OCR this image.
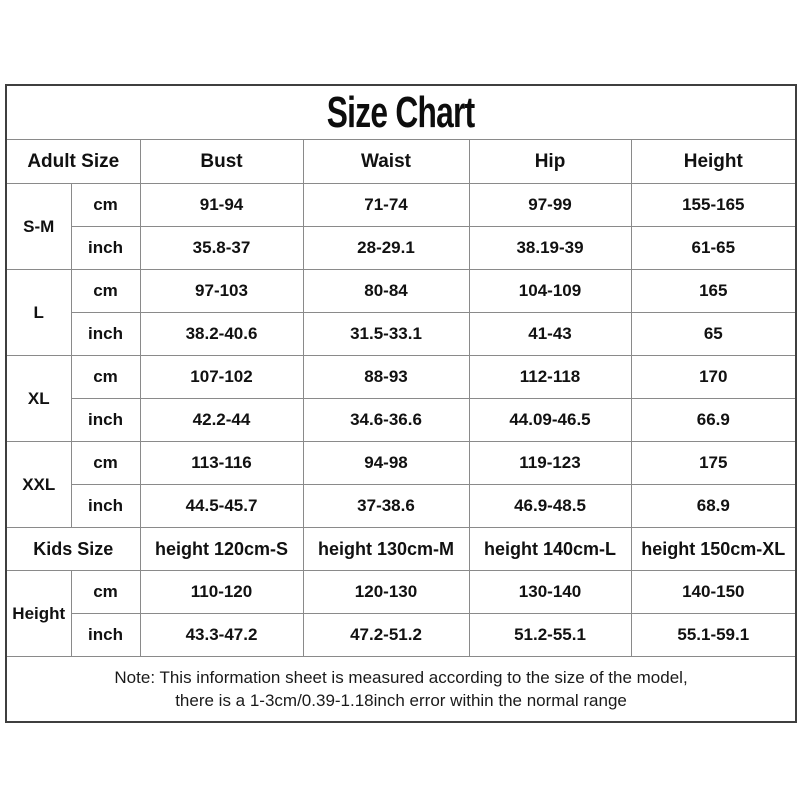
Size Chart					
Adult Size		Bust	Waist	Hip	Height
S-M	cm	91-94	71-74	97-99	155-165
	inch	35.8-37	28-29.1	38.19-39	61-65
L	cm	97-103	80-84	104-109	165
	inch	38.2-40.6	31.5-33.1	41-43	65
XL	cm	107-102	88-93	112-118	170
	inch	42.2-44	34.6-36.6	44.09-46.5	66.9
XXL	cm	113-116	94-98	119-123	175
	inch	44.5-45.7	37-38.6	46.9-48.5	68.9
Kids Size		height 120cm-S	height 130cm-M	height 140cm-L	height 150cm-XL
Height	cm	110-120	120-130	130-140	140-150
	inch	43.3-47.2	47.2-51.2	51.2-55.1	55.1-59.1

Note: This information sheet is measured according to the size of the model,
there is a 1-3cm/0.39-1.18inch error within the normal range					
